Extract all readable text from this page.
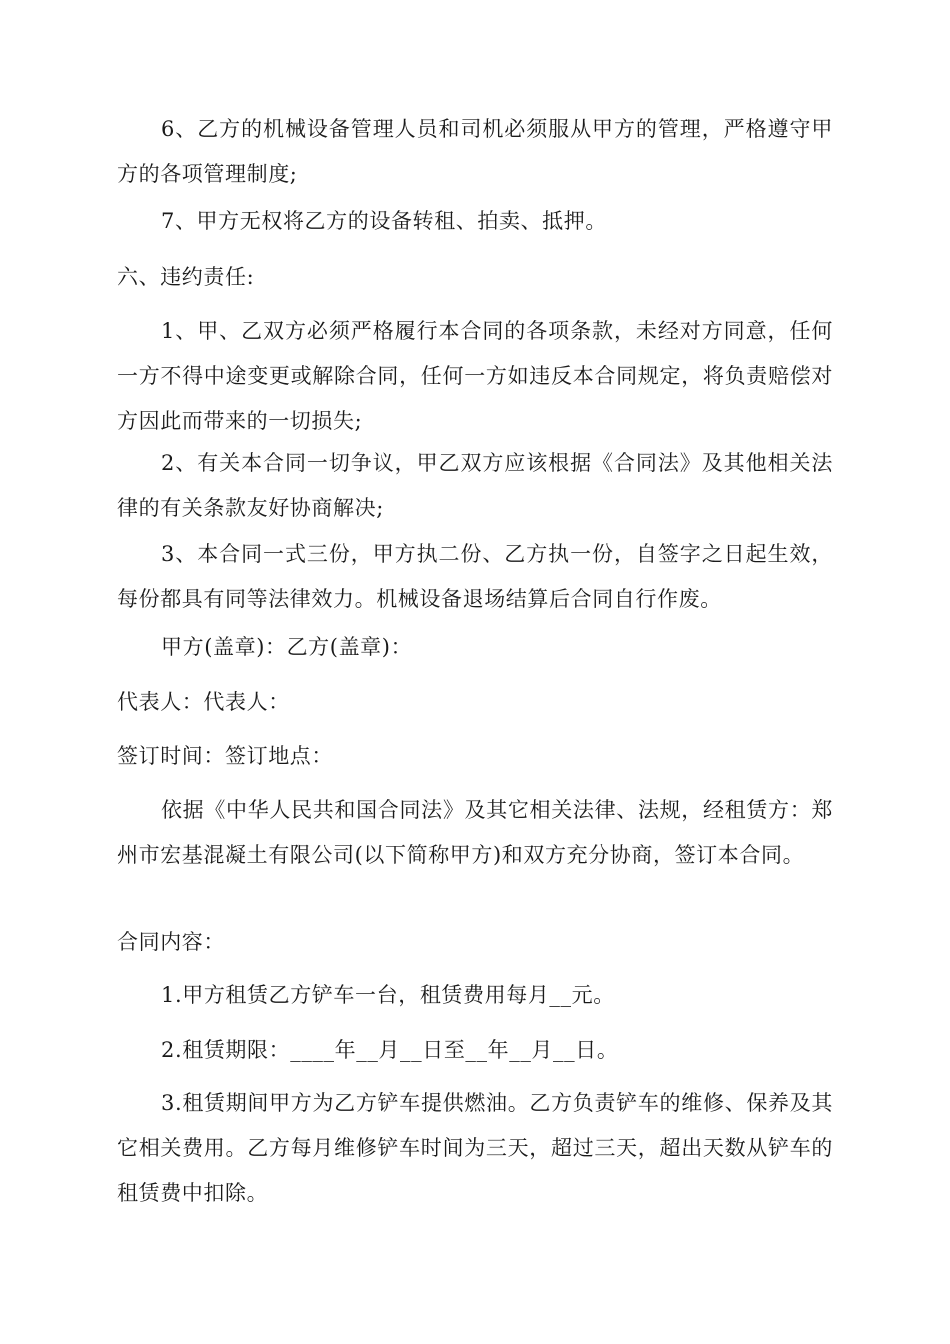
6、乙方的机械设备管理人员和司机必须服从甲方的管理，严格遵守甲方的各项管理制度;

7、甲方无权将乙方的设备转租、拍卖、抵押。

六、违约责任:

1、甲、乙双方必须严格履行本合同的各项条款，未经对方同意，任何一方不得中途变更或解除合同，任何一方如违反本合同规定，将负责赔偿对方因此而带来的一切损失;

2、有关本合同一切争议，甲乙双方应该根据《合同法》及其他相关法律的有关条款友好协商解决;

3、本合同一式三份，甲方执二份、乙方执一份，自签字之日起生效，每份都具有同等法律效力。机械设备退场结算后合同自行作废。

甲方(盖章)：乙方(盖章)：

代表人：代表人：

签订时间：签订地点：

依据《中华人民共和国合同法》及其它相关法律、法规，经租赁方：郑州市宏基混凝土有限公司(以下简称甲方)和双方充分协商，签订本合同。

合同内容：

1.甲方租赁乙方铲车一台，租赁费用每月__元。

2.租赁期限：____年__月__日至__年__月__日。

3.租赁期间甲方为乙方铲车提供燃油。乙方负责铲车的维修、保养及其它相关费用。乙方每月维修铲车时间为三天，超过三天，超出天数从铲车的租赁费中扣除。
